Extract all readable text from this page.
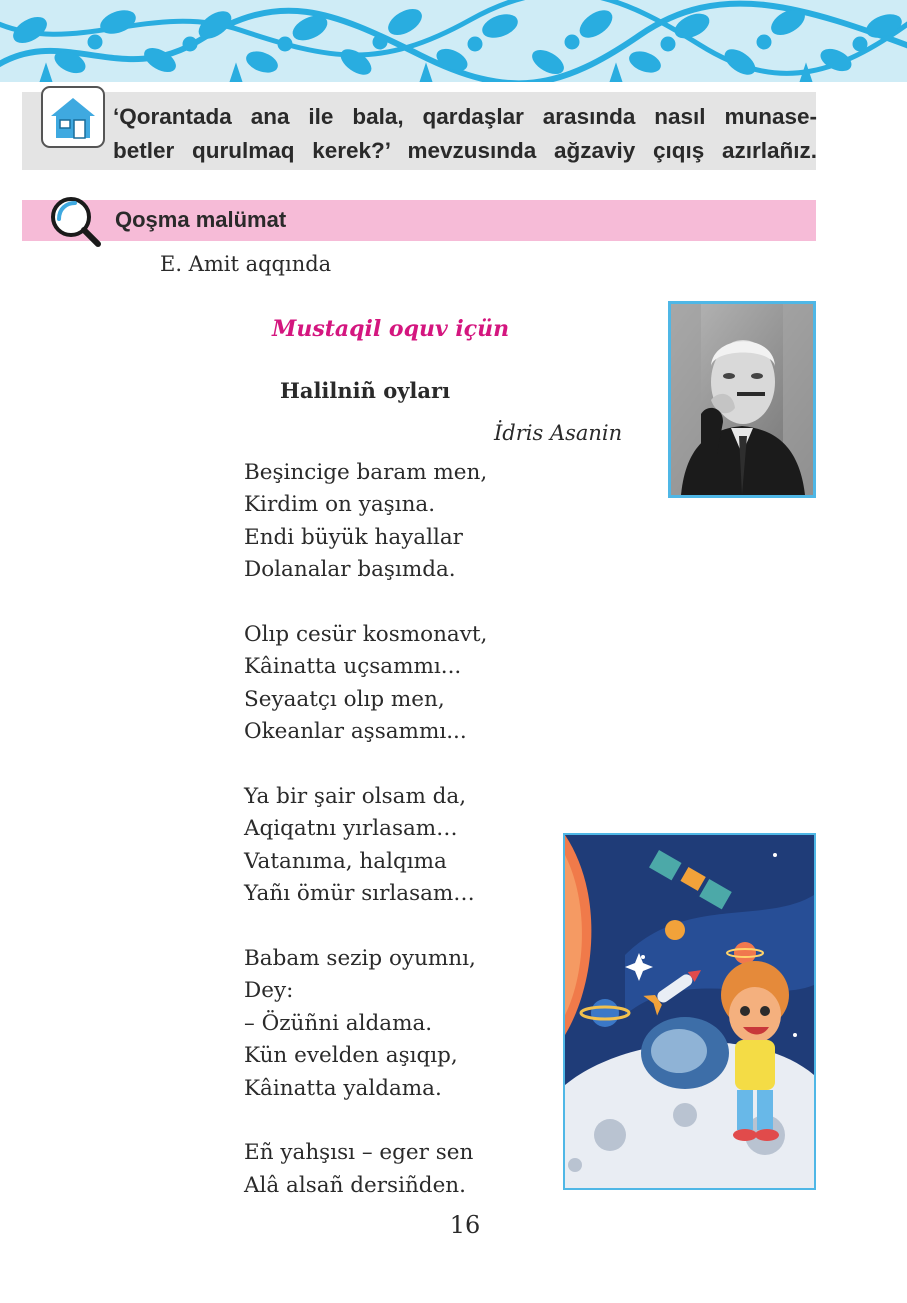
‘Qorantada ana ile bala, qardaşlar arasında nasıl munase-
betler qurulmaq kerek?’ mevzusında ağzaviy çıqış azırlañız.
Qoşma malümat
E. Amit aqqında
Mustaqil oquv içün
Halilniñ oyları
İdris Asanin
Beşincige baram men,
Kirdim on yaşına.
Endi büyük hayallar
Dolanalar başımda.
Olıp cesür kosmonavt,
Kâinatta uçsammı...
Seyaatçı olıp men,
Okeanlar aşsammı...
Ya bir şair olsam da,
Aqiqatnı yırlasam…
Vatanıma, halqıma
Yañı ömür sırlasam…
Babam sezip oyumnı,
Dey:
– Özüñni aldama.
Kün evelden aşıqıp,
Kâinatta yaldama.
Eñ yahşısı – eger sen
Alâ alsañ dersiñden.
16
